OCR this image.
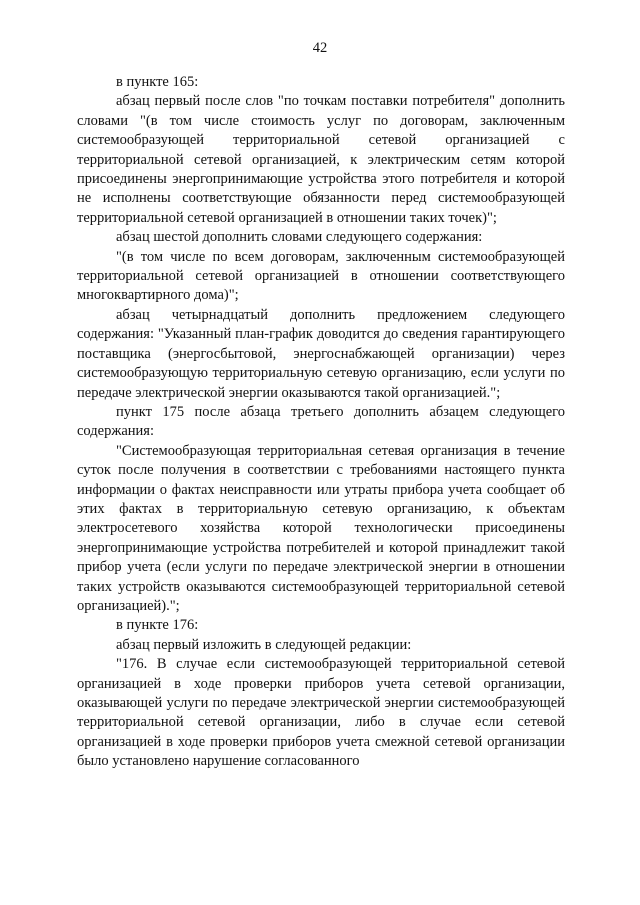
42

в пункте 165:

абзац первый после слов "по точкам поставки потребителя" дополнить словами "(в том числе стоимость услуг по договорам, заключенным системообразующей территориальной сетевой организацией с территориальной сетевой организацией, к электрическим сетям которой присоединены энергопринимающие устройства этого потребителя и которой не исполнены соответствующие обязанности перед системообразующей территориальной сетевой организацией в отношении таких точек)";

абзац шестой дополнить словами следующего содержания:

"(в том числе по всем договорам, заключенным системообразующей территориальной сетевой организацией в отношении соответствующего многоквартирного дома)";

абзац четырнадцатый дополнить предложением следующего содержания: "Указанный план-график доводится до сведения гарантирующего поставщика (энергосбытовой, энергоснабжающей организации) через системообразующую территориальную сетевую организацию, если услуги по передаче электрической энергии оказываются такой организацией.";

пункт 175 после абзаца третьего дополнить абзацем следующего содержания:

"Системообразующая территориальная сетевая организация в течение суток после получения в соответствии с требованиями настоящего пункта информации о фактах неисправности или утраты прибора учета сообщает об этих фактах в территориальную сетевую организацию, к объектам электросетевого хозяйства которой технологически присоединены энергопринимающие устройства потребителей и которой принадлежит такой прибор учета (если услуги по передаче электрической энергии в отношении таких устройств оказываются системообразующей территориальной сетевой организацией).";

в пункте 176:

абзац первый изложить в следующей редакции:

"176. В случае если системообразующей территориальной сетевой организацией в ходе проверки приборов учета сетевой организации, оказывающей услуги по передаче электрической энергии системообразующей территориальной сетевой организации, либо в случае если сетевой организацией в ходе проверки приборов учета смежной сетевой организации было установлено нарушение согласованного
